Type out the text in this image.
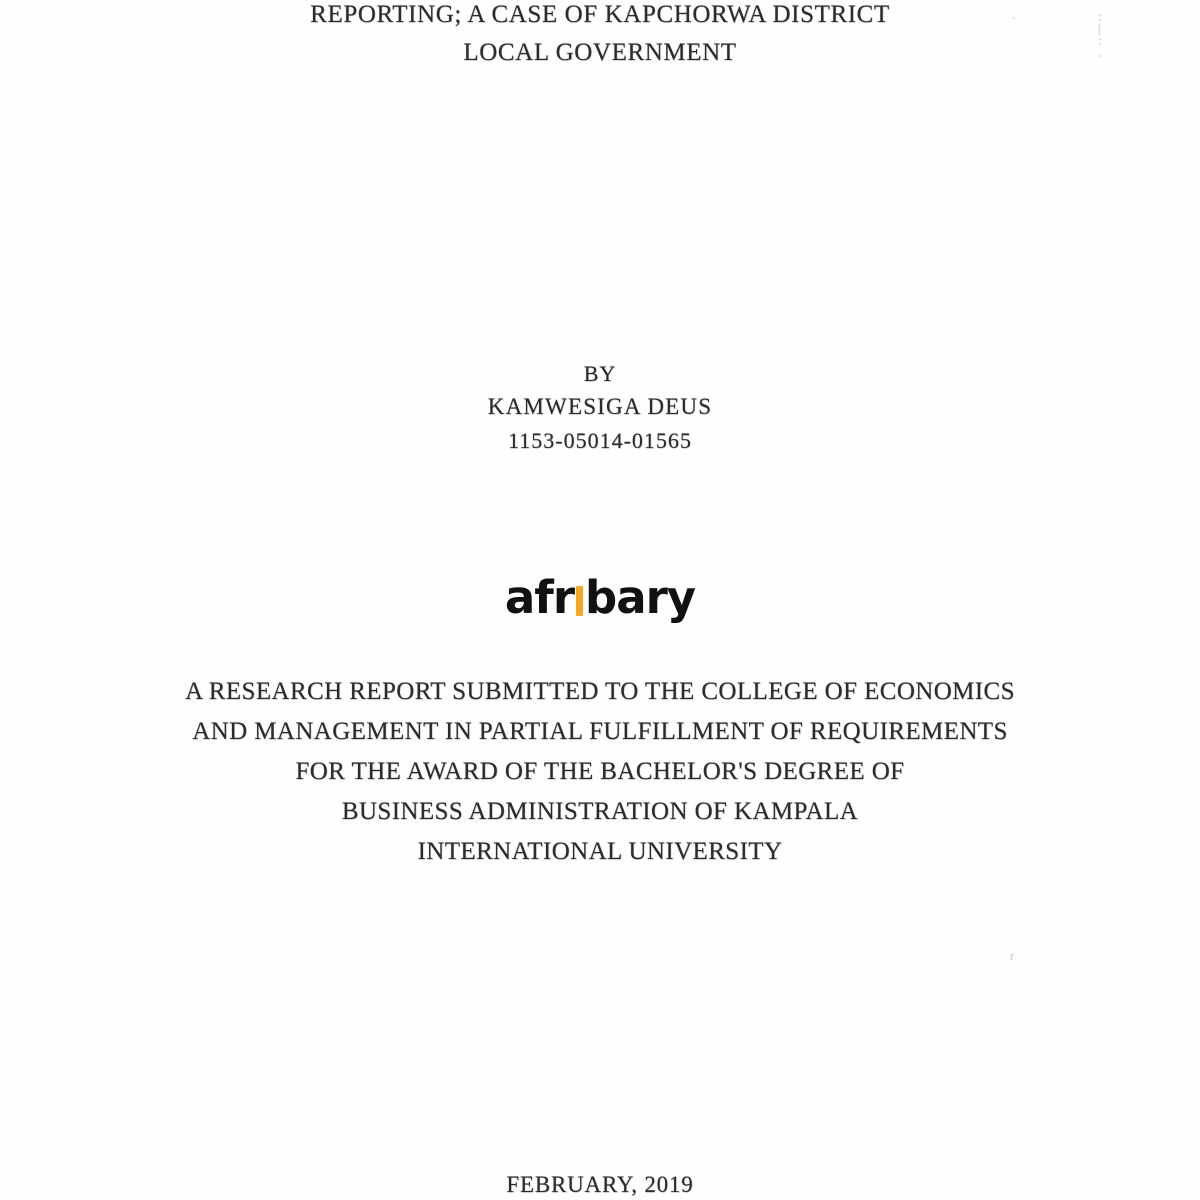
REPORTING; A CASE OF KAPCHORWA DISTRICT
LOCAL GOVERNMENT
BY
KAMWESIGA DEUS
1153-05014-01565
afr bary
A RESEARCH REPORT SUBMITTED TO THE COLLEGE OF ECONOMICS
AND MANAGEMENT IN PARTIAL FULFILLMENT OF REQUIREMENTS
FOR THE AWARD OF THE BACHELOR'S DEGREE OF
BUSINESS ADMINISTRATION OF KAMPALA
INTERNATIONAL UNIVERSITY
FEBRUARY, 2019
.	:
|
:
.
r
